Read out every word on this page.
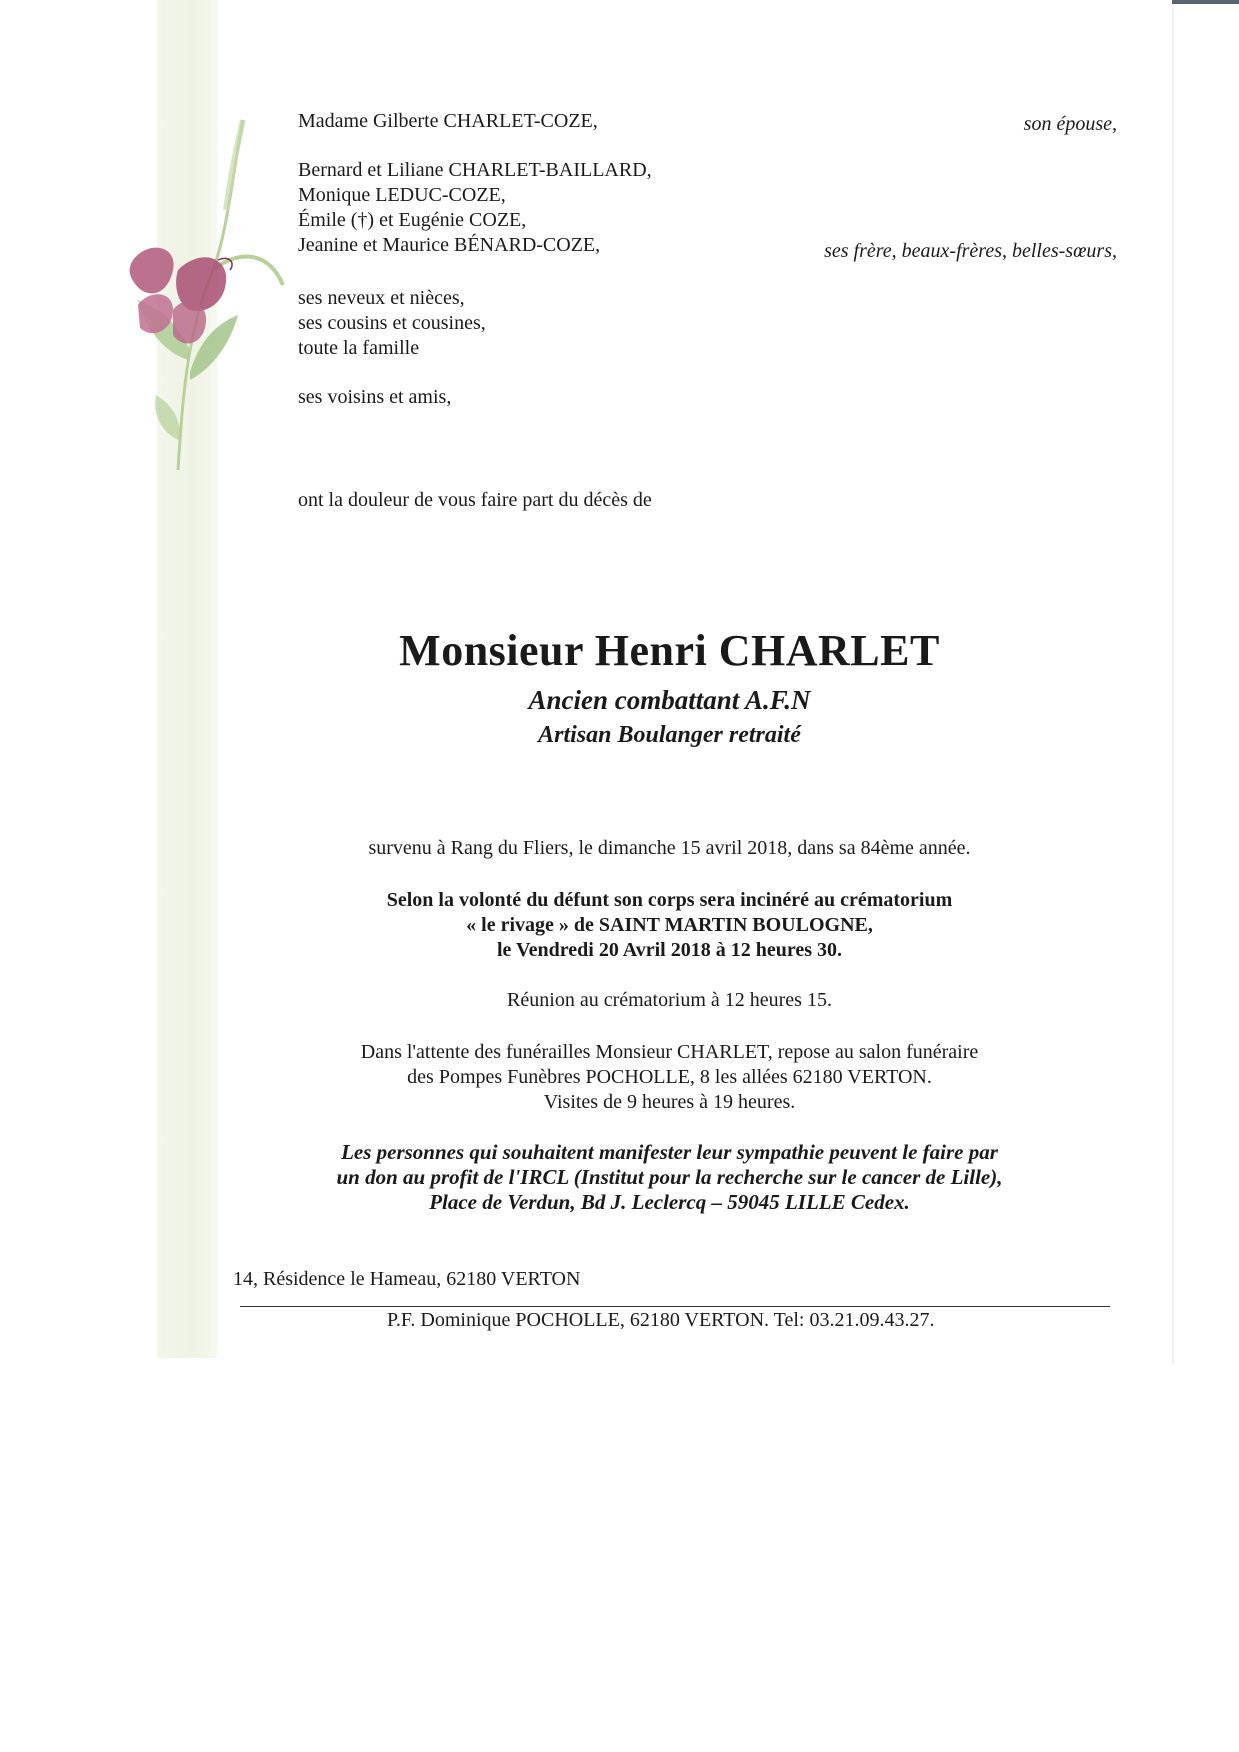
Madame Gilberte CHARLET-COZE,	son épouse,
Bernard et Liliane CHARLET-BAILLARD,
Monique LEDUC-COZE,
Émile (†) et Eugénie COZE,
Jeanine et Maurice BÉNARD-COZE,	ses frère, beaux-frères, belles-sœurs,
ses neveux et nièces,
ses cousins et cousines,
toute la famille
ses voisins et amis,
ont la douleur de vous faire part du décès de
Monsieur Henri CHARLET
Ancien combattant A.F.N
Artisan Boulanger retraité
survenu à Rang du Fliers, le dimanche 15 avril 2018, dans sa 84ème année.
Selon la volonté du défunt son corps sera incinéré au crématorium
« le rivage » de SAINT MARTIN BOULOGNE,
le Vendredi 20 Avril 2018 à 12 heures 30.
Réunion au crématorium à 12 heures 15.
Dans l'attente des funérailles Monsieur CHARLET, repose au salon funéraire
des Pompes Funèbres POCHOLLE, 8 les allées 62180 VERTON.
Visites de 9 heures à 19 heures.
Les personnes qui souhaitent manifester leur sympathie peuvent le faire par
un don au profit de l'IRCL (Institut pour la recherche sur le cancer de Lille),
Place de Verdun, Bd J. Leclercq – 59045 LILLE Cedex.
14, Résidence le Hameau, 62180 VERTON
P.F. Dominique POCHOLLE, 62180 VERTON. Tel: 03.21.09.43.27.
